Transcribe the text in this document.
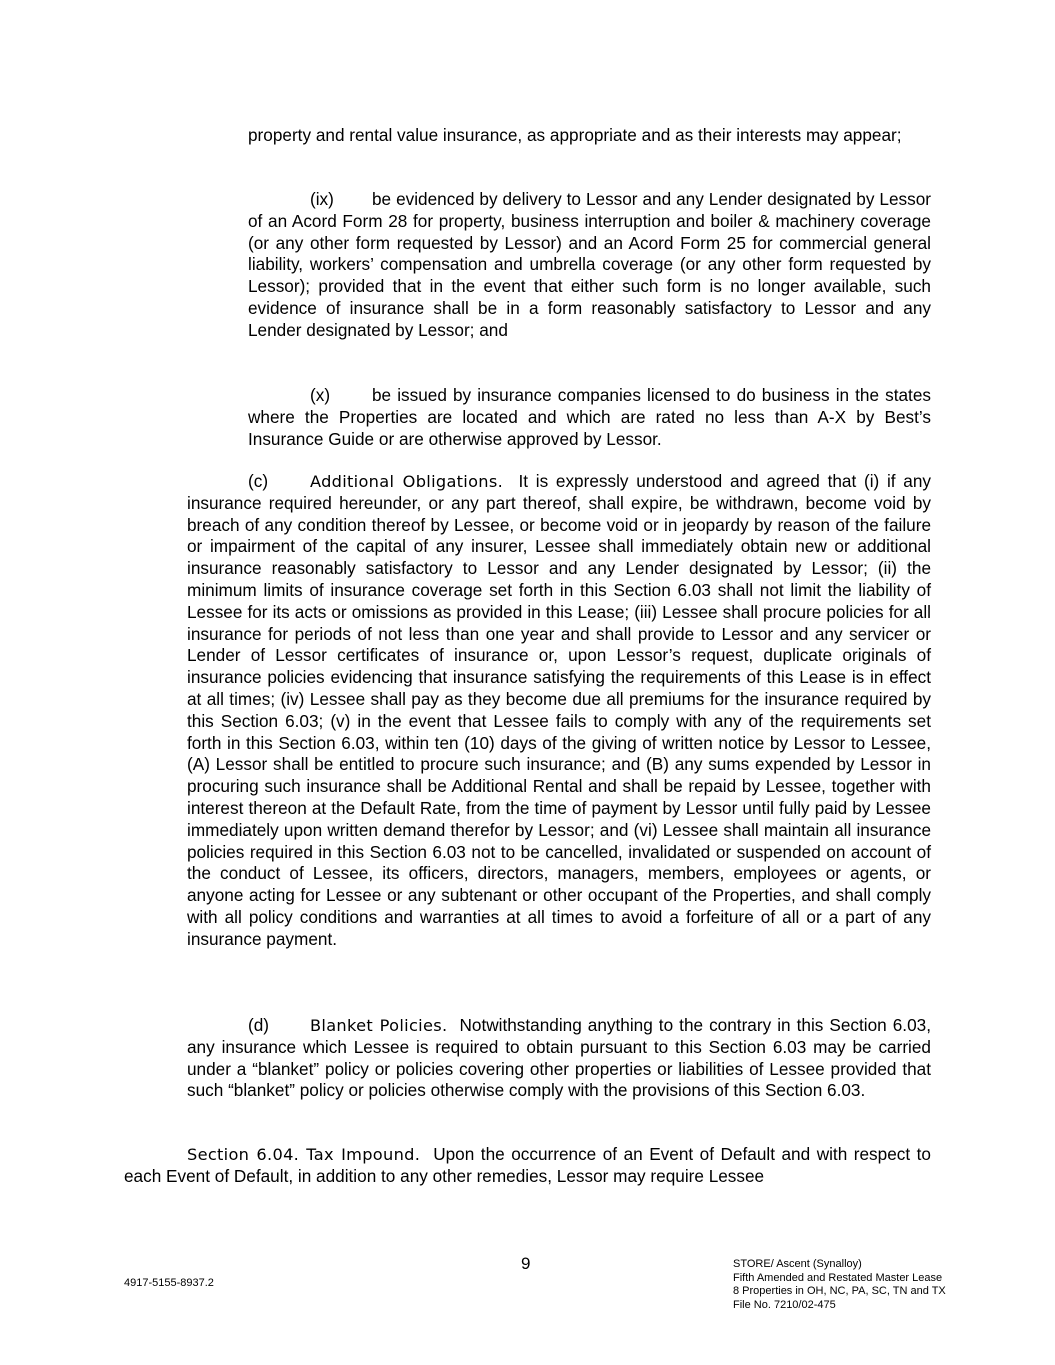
property and rental value insurance, as appropriate and as their interests may appear;

(ix) be evidenced by delivery to Lessor and any Lender designated by Lessor of an Acord Form 28 for property, business interruption and boiler & machinery coverage (or any other form requested by Lessor) and an Acord Form 25 for commercial general liability, workers’ compensation and umbrella coverage (or any other form requested by Lessor); provided that in the event that either such form is no longer available, such evidence of insurance shall be in a form reasonably satisfactory to Lessor and any Lender designated by Lessor; and

(x) be issued by insurance companies licensed to do business in the states where the Properties are located and which are rated no less than A-X by Best’s Insurance Guide or are otherwise approved by Lessor.

(c)	Additional Obligations. It is expressly understood and agreed that (i) if any insurance required hereunder, or any part thereof, shall expire, be withdrawn, become void by breach of any condition thereof by Lessee, or become void or in jeopardy by reason of the failure or impairment of the capital of any insurer, Lessee shall immediately obtain new or additional insurance reasonably satisfactory to Lessor and any Lender designated by Lessor; (ii) the minimum limits of insurance coverage set forth in this Section 6.03 shall not limit the liability of Lessee for its acts or omissions as provided in this Lease; (iii) Lessee shall procure policies for all insurance for periods of not less than one year and shall provide to Lessor and any servicer or Lender of Lessor certificates of insurance or, upon Lessor’s request, duplicate originals of insurance policies evidencing that insurance satisfying the requirements of this Lease is in effect at all times; (iv) Lessee shall pay as they become due all premiums for the insurance required by this Section 6.03; (v) in the event that Lessee fails to comply with any of the requirements set forth in this Section 6.03, within ten (10) days of the giving of written notice by Lessor to Lessee, (A) Lessor shall be entitled to procure such insurance; and (B) any sums expended by Lessor in procuring such insurance shall be Additional Rental and shall be repaid by Lessee, together with interest thereon at the Default Rate, from the time of payment by Lessor until fully paid by Lessee immediately upon written demand therefor by Lessor; and (vi) Lessee shall maintain all insurance policies required in this Section 6.03 not to be cancelled, invalidated or suspended on account of the conduct of Lessee, its officers, directors, managers, members, employees or agents, or anyone acting for Lessee or any subtenant or other occupant of the Properties, and shall comply with all policy conditions and warranties at all times to avoid a forfeiture of all or a part of any insurance payment.

(d)	Blanket Policies. Notwithstanding anything to the contrary in this Section 6.03, any insurance which Lessee is required to obtain pursuant to this Section 6.03 may be carried under a “blanket” policy or policies covering other properties or liabilities of Lessee provided that such “blanket” policy or policies otherwise comply with the provisions of this Section 6.03.

Section 6.04. Tax Impound. Upon the occurrence of an Event of Default and with respect to each Event of Default, in addition to any other remedies, Lessor may require Lessee

9
4917-5155-8937.2
STORE/ Ascent (Synalloy)
Fifth Amended and Restated Master Lease
8 Properties in OH, NC, PA, SC, TN and TX
File No. 7210/02-475
